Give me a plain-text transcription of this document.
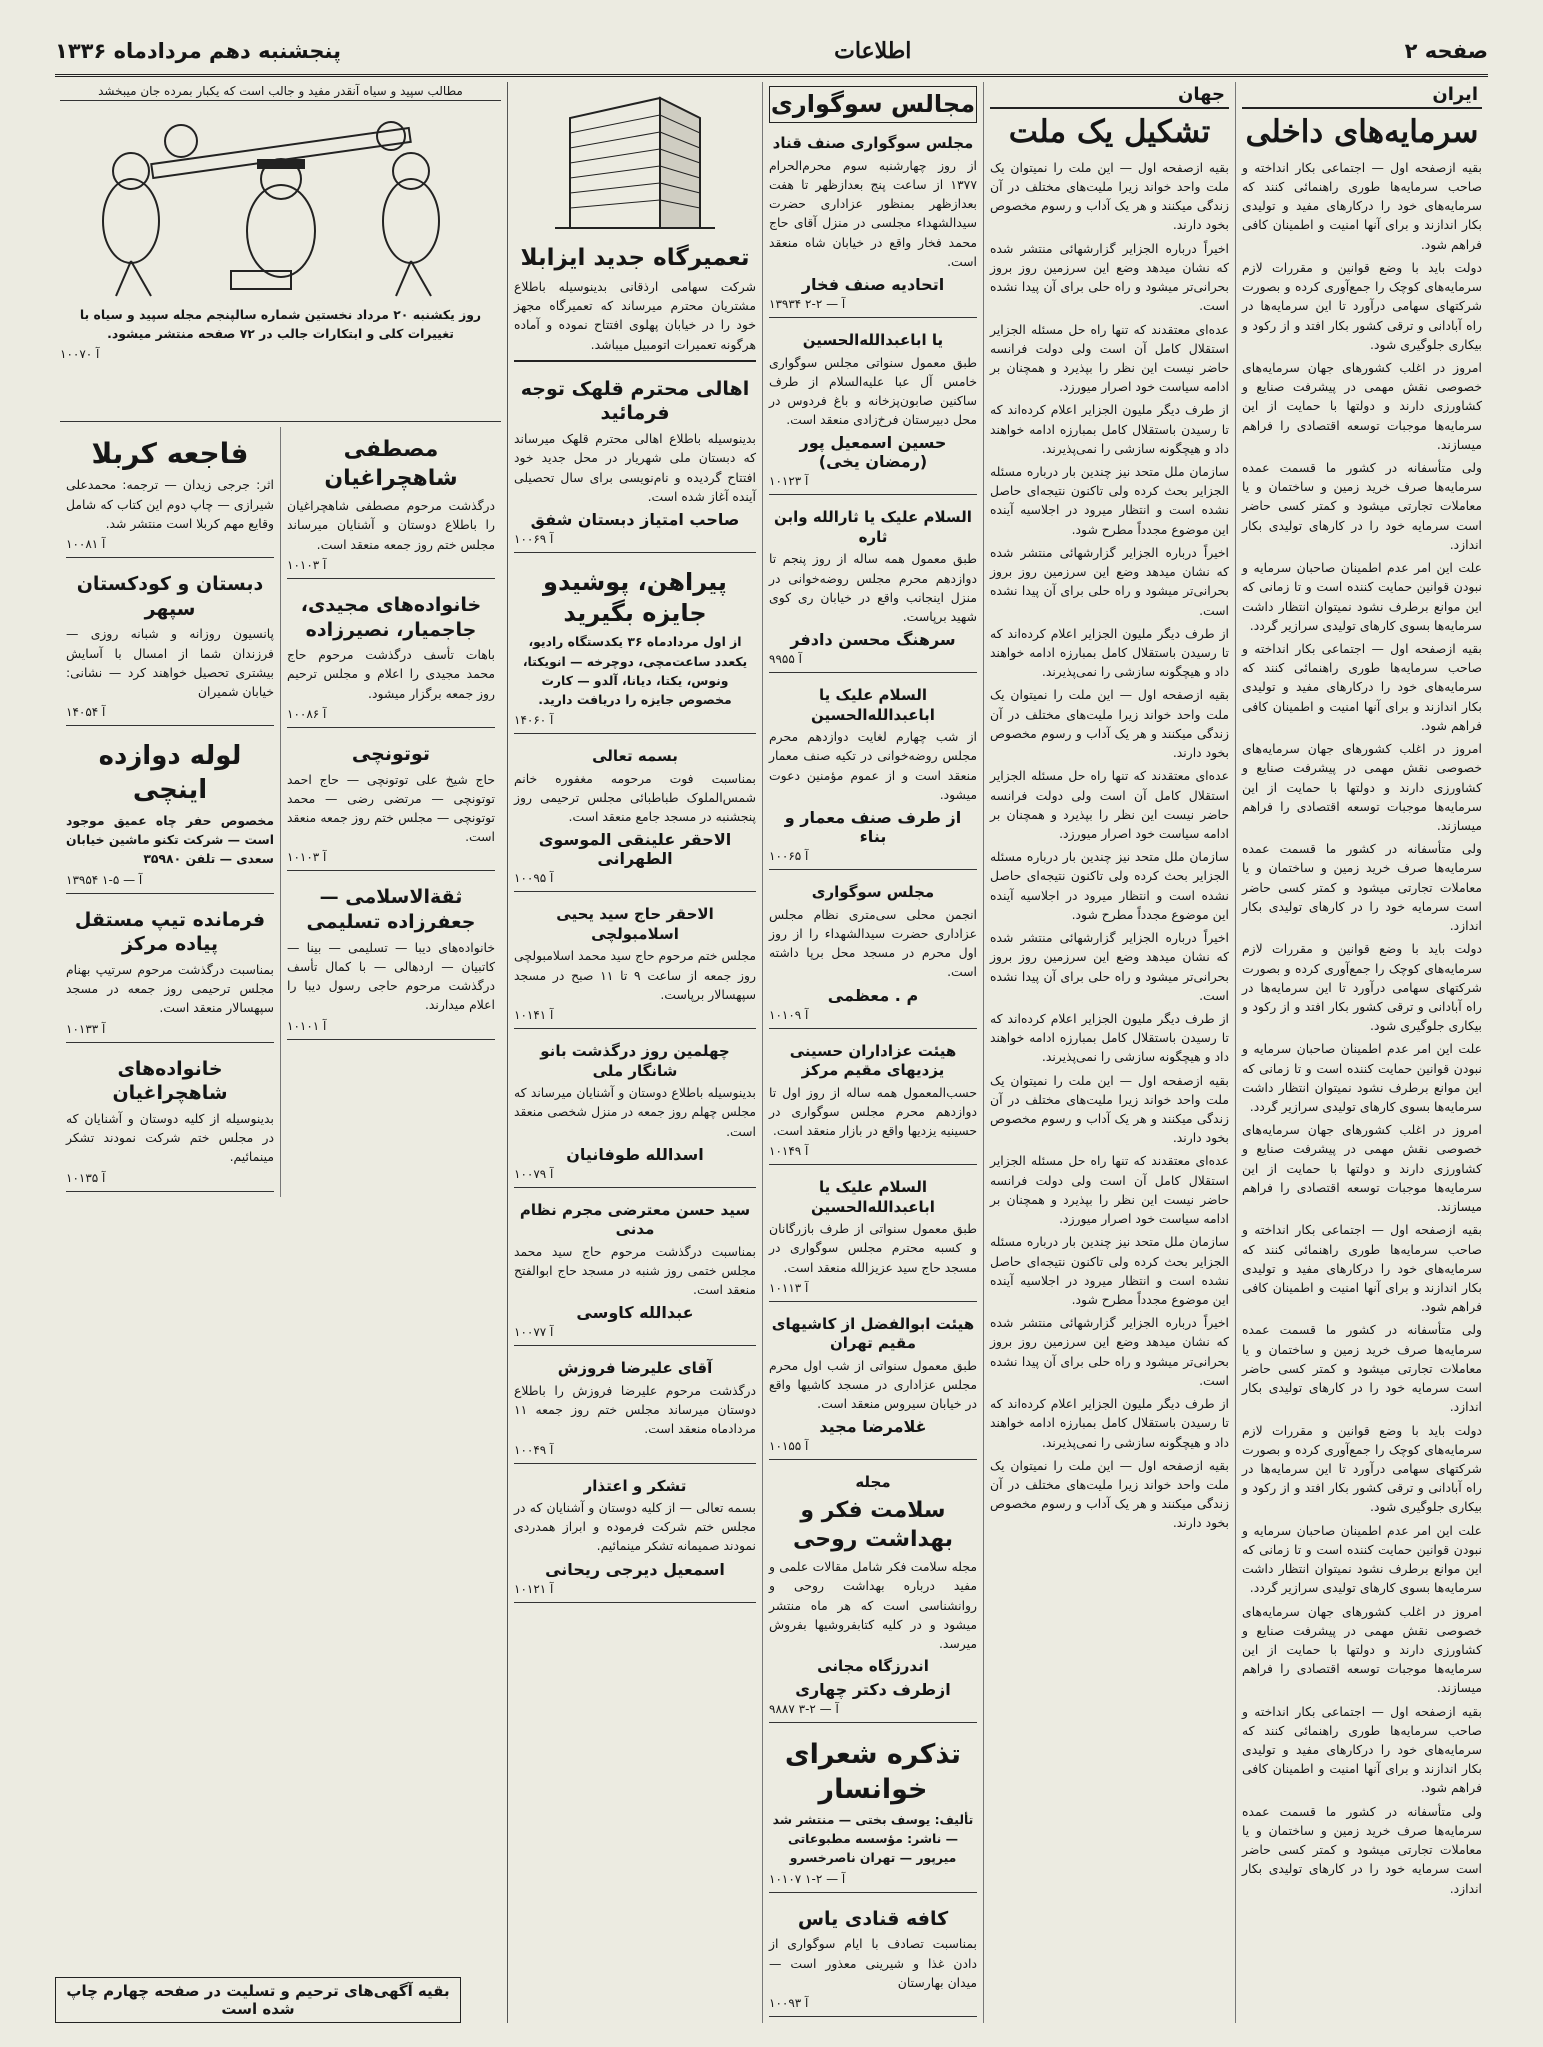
صفحه ۲
اطلاعات
پنجشنبه دهم مردادماه ۱۳۳۶
ایران
سرمایه‌های داخلی

بقیه ازصفحه اول — اجتماعی بکار انداخته و صاحب سرمایه‌ها طوری راهنمائی کنند که سرمایه‌های خود را درکارهای مفید و تولیدی بکار اندازند و برای آنها امنیت و اطمینان کافی فراهم شود.

دولت باید با وضع قوانین و مقررات لازم سرمایه‌های کوچک را جمع‌آوری کرده و بصورت شرکتهای سهامی درآورد تا این سرمایه‌ها در راه آبادانی و ترقی کشور بکار افتد و از رکود و بیکاری جلوگیری شود.

امروز در اغلب کشورهای جهان سرمایه‌های خصوصی نقش مهمی در پیشرفت صنایع و کشاورزی دارند و دولتها با حمایت از این سرمایه‌ها موجبات توسعه اقتصادی را فراهم میسازند.

ولی متأسفانه در کشور ما قسمت عمده سرمایه‌ها صرف خرید زمین و ساختمان و یا معاملات تجارتی میشود و کمتر کسی حاضر است سرمایه خود را در کارهای تولیدی بکار اندازد.

علت این امر عدم اطمینان صاحبان سرمایه و نبودن قوانین حمایت کننده است و تا زمانی که این موانع برطرف نشود نمیتوان انتظار داشت سرمایه‌ها بسوی کارهای تولیدی سرازیر گردد.

بقیه ازصفحه اول — اجتماعی بکار انداخته و صاحب سرمایه‌ها طوری راهنمائی کنند که سرمایه‌های خود را درکارهای مفید و تولیدی بکار اندازند و برای آنها امنیت و اطمینان کافی فراهم شود.

امروز در اغلب کشورهای جهان سرمایه‌های خصوصی نقش مهمی در پیشرفت صنایع و کشاورزی دارند و دولتها با حمایت از این سرمایه‌ها موجبات توسعه اقتصادی را فراهم میسازند.

ولی متأسفانه در کشور ما قسمت عمده سرمایه‌ها صرف خرید زمین و ساختمان و یا معاملات تجارتی میشود و کمتر کسی حاضر است سرمایه خود را در کارهای تولیدی بکار اندازد.

دولت باید با وضع قوانین و مقررات لازم سرمایه‌های کوچک را جمع‌آوری کرده و بصورت شرکتهای سهامی درآورد تا این سرمایه‌ها در راه آبادانی و ترقی کشور بکار افتد و از رکود و بیکاری جلوگیری شود.

علت این امر عدم اطمینان صاحبان سرمایه و نبودن قوانین حمایت کننده است و تا زمانی که این موانع برطرف نشود نمیتوان انتظار داشت سرمایه‌ها بسوی کارهای تولیدی سرازیر گردد.

امروز در اغلب کشورهای جهان سرمایه‌های خصوصی نقش مهمی در پیشرفت صنایع و کشاورزی دارند و دولتها با حمایت از این سرمایه‌ها موجبات توسعه اقتصادی را فراهم میسازند.

بقیه ازصفحه اول — اجتماعی بکار انداخته و صاحب سرمایه‌ها طوری راهنمائی کنند که سرمایه‌های خود را درکارهای مفید و تولیدی بکار اندازند و برای آنها امنیت و اطمینان کافی فراهم شود.

ولی متأسفانه در کشور ما قسمت عمده سرمایه‌ها صرف خرید زمین و ساختمان و یا معاملات تجارتی میشود و کمتر کسی حاضر است سرمایه خود را در کارهای تولیدی بکار اندازد.

دولت باید با وضع قوانین و مقررات لازم سرمایه‌های کوچک را جمع‌آوری کرده و بصورت شرکتهای سهامی درآورد تا این سرمایه‌ها در راه آبادانی و ترقی کشور بکار افتد و از رکود و بیکاری جلوگیری شود.

علت این امر عدم اطمینان صاحبان سرمایه و نبودن قوانین حمایت کننده است و تا زمانی که این موانع برطرف نشود نمیتوان انتظار داشت سرمایه‌ها بسوی کارهای تولیدی سرازیر گردد.

امروز در اغلب کشورهای جهان سرمایه‌های خصوصی نقش مهمی در پیشرفت صنایع و کشاورزی دارند و دولتها با حمایت از این سرمایه‌ها موجبات توسعه اقتصادی را فراهم میسازند.

بقیه ازصفحه اول — اجتماعی بکار انداخته و صاحب سرمایه‌ها طوری راهنمائی کنند که سرمایه‌های خود را درکارهای مفید و تولیدی بکار اندازند و برای آنها امنیت و اطمینان کافی فراهم شود.

ولی متأسفانه در کشور ما قسمت عمده سرمایه‌ها صرف خرید زمین و ساختمان و یا معاملات تجارتی میشود و کمتر کسی حاضر است سرمایه خود را در کارهای تولیدی بکار اندازد.

جهان
تشکیل یک ملت

بقیه ازصفحه اول — این ملت را نمیتوان یک ملت واحد خواند زیرا ملیت‌های مختلف در آن زندگی میکنند و هر یک آداب و رسوم مخصوص بخود دارند.

اخیراً درباره الجزایر گزارشهائی منتشر شده که نشان میدهد وضع این سرزمین روز بروز بحرانی‌تر میشود و راه حلی برای آن پیدا نشده است.

عده‌ای معتقدند که تنها راه حل مسئله الجزایر استقلال کامل آن است ولی دولت فرانسه حاضر نیست این نظر را بپذیرد و همچنان بر ادامه سیاست خود اصرار میورزد.

از طرف دیگر ملیون الجزایر اعلام کرده‌اند که تا رسیدن باستقلال کامل بمبارزه ادامه خواهند داد و هیچگونه سازشی را نمی‌پذیرند.

سازمان ملل متحد نیز چندین بار درباره مسئله الجزایر بحث کرده ولی تاکنون نتیجه‌ای حاصل نشده است و انتظار میرود در اجلاسیه آینده این موضوع مجدداً مطرح شود.

اخیراً درباره الجزایر گزارشهائی منتشر شده که نشان میدهد وضع این سرزمین روز بروز بحرانی‌تر میشود و راه حلی برای آن پیدا نشده است.

از طرف دیگر ملیون الجزایر اعلام کرده‌اند که تا رسیدن باستقلال کامل بمبارزه ادامه خواهند داد و هیچگونه سازشی را نمی‌پذیرند.

بقیه ازصفحه اول — این ملت را نمیتوان یک ملت واحد خواند زیرا ملیت‌های مختلف در آن زندگی میکنند و هر یک آداب و رسوم مخصوص بخود دارند.

عده‌ای معتقدند که تنها راه حل مسئله الجزایر استقلال کامل آن است ولی دولت فرانسه حاضر نیست این نظر را بپذیرد و همچنان بر ادامه سیاست خود اصرار میورزد.

سازمان ملل متحد نیز چندین بار درباره مسئله الجزایر بحث کرده ولی تاکنون نتیجه‌ای حاصل نشده است و انتظار میرود در اجلاسیه آینده این موضوع مجدداً مطرح شود.

اخیراً درباره الجزایر گزارشهائی منتشر شده که نشان میدهد وضع این سرزمین روز بروز بحرانی‌تر میشود و راه حلی برای آن پیدا نشده است.

از طرف دیگر ملیون الجزایر اعلام کرده‌اند که تا رسیدن باستقلال کامل بمبارزه ادامه خواهند داد و هیچگونه سازشی را نمی‌پذیرند.

بقیه ازصفحه اول — این ملت را نمیتوان یک ملت واحد خواند زیرا ملیت‌های مختلف در آن زندگی میکنند و هر یک آداب و رسوم مخصوص بخود دارند.

عده‌ای معتقدند که تنها راه حل مسئله الجزایر استقلال کامل آن است ولی دولت فرانسه حاضر نیست این نظر را بپذیرد و همچنان بر ادامه سیاست خود اصرار میورزد.

سازمان ملل متحد نیز چندین بار درباره مسئله الجزایر بحث کرده ولی تاکنون نتیجه‌ای حاصل نشده است و انتظار میرود در اجلاسیه آینده این موضوع مجدداً مطرح شود.

اخیراً درباره الجزایر گزارشهائی منتشر شده که نشان میدهد وضع این سرزمین روز بروز بحرانی‌تر میشود و راه حلی برای آن پیدا نشده است.

از طرف دیگر ملیون الجزایر اعلام کرده‌اند که تا رسیدن باستقلال کامل بمبارزه ادامه خواهند داد و هیچگونه سازشی را نمی‌پذیرند.

بقیه ازصفحه اول — این ملت را نمیتوان یک ملت واحد خواند زیرا ملیت‌های مختلف در آن زندگی میکنند و هر یک آداب و رسوم مخصوص بخود دارند.

مجالس سوگواری
مجلس سوگواری صنف قناد

از روز چهارشنبه سوم محرم‌الحرام ۱۳۷۷ از ساعت پنج بعدازظهر تا هفت بعدازظهر بمنظور عزاداری حضرت سیدالشهداء مجلسی در منزل آقای حاج محمد فخار واقع در خیابان شاه منعقد است.

اتحادیه صنف فخار
۱۳۹۳۴ آ — ۲-۲
یا اباعبدالله‌الحسین

طبق معمول سنواتی مجلس سوگواری خامس آل عبا علیه‌السلام از طرف ساکنین صابون‌پزخانه و باغ فردوس در محل دبیرستان فرخ‌زادی منعقد است.

حسین اسمعیل پور (رمضان یخی)
۱۰۱۲۳ آ
السلام علیک یا ثارالله وابن ثاره

طبق معمول همه ساله از روز پنجم تا دوازدهم محرم مجلس روضه‌خوانی در منزل اینجانب واقع در خیابان ری کوی شهید برپاست.

سرهنگ محسن دادفر
۹۹۵۵ آ
السلام علیک یا اباعبدالله‌الحسین

از شب چهارم لغایت دوازدهم محرم مجلس روضه‌خوانی در تکیه صنف معمار منعقد است و از عموم مؤمنین دعوت میشود.

از طرف صنف معمار و بناء
۱۰۰۶۵ آ
مجلس سوگواری

انجمن محلی سی‌متری نظام مجلس عزاداری حضرت سیدالشهداء را از روز اول محرم در مسجد محل برپا داشته است.

م . معظمی
۱۰۱۰۹ آ
هیئت عزاداران حسینی یزدیهای مقیم مرکز

حسب‌المعمول همه ساله از روز اول تا دوازدهم محرم مجلس سوگواری در حسینیه یزدیها واقع در بازار منعقد است.

۱۰۱۴۹ آ
السلام علیک یا اباعبدالله‌الحسین

طبق معمول سنواتی از طرف بازرگانان و کسبه محترم مجلس سوگواری در مسجد حاج سید عزیزالله منعقد است.

۱۰۱۱۳ آ
هیئت ابوالفضل از کاشیهای مقیم تهران

طبق معمول سنواتی از شب اول محرم مجلس عزاداری در مسجد کاشیها واقع در خیابان سیروس منعقد است.

غلامرضا مجید
۱۰۱۵۵ آ
مجله
سلامت فکر و بهداشت روحی

مجله سلامت فکر شامل مقالات علمی و مفید درباره بهداشت روحی و روانشناسی است که هر ماه منتشر میشود و در کلیه کتابفروشیها بفروش میرسد.

اندرزگاه مجانی
ازطرف دکتر چهاری
۹۸۸۷ آ — ۲-۳
تذکره شعرای خوانسار

تألیف: یوسف بختی — منتشر شد — ناشر: مؤسسه مطبوعاتی میرپور — تهران ناصرخسرو

۱۰۱۰۷ آ — ۲-۱
کافه قنادی یاس

بمناسبت تصادف با ایام سوگواری از دادن غذا و شیرینی معذور است — میدان بهارستان

۱۰۰۹۳ آ
تعمیرگاه جدید ایزابلا

شرکت سهامی ارذقانی بدینوسیله باطلاع مشتریان محترم میرساند که تعمیرگاه مجهز خود را در خیابان پهلوی افتتاح نموده و آماده هرگونه تعمیرات اتومبیل میباشد.

اهالی محترم قلهک توجه فرمائید

بدینوسیله باطلاع اهالی محترم قلهک میرساند که دبستان ملی شهریار در محل جدید خود افتتاح گردیده و نام‌نویسی برای سال تحصیلی آینده آغاز شده است.

صاحب امتیاز دبستان شفق
۱۰۰۶۹ آ
پیراهن، پوشیدو جایزه بگیرید

از اول مردادماه ۳۶ یکدستگاه رادیو، یکعدد ساعت‌مچی، دوچرخه — انویکتا، ونوس، یکتا، دیانا، آلدو — کارت مخصوص جایزه را دریافت دارید.

۱۴۰۶۰ آ
بسمه تعالی

بمناسبت فوت مرحومه مغفوره خانم شمس‌الملوک طباطبائی مجلس ترحیمی روز پنجشنبه در مسجد جامع منعقد است.

الاحقر علینقی الموسوی الطهرانی
۱۰۰۹۵ آ
الاحقر حاج سید یحیی اسلامبولچی

مجلس ختم مرحوم حاج سید محمد اسلامبولچی روز جمعه از ساعت ۹ تا ۱۱ صبح در مسجد سپهسالار برپاست.

۱۰۱۴۱ آ
چهلمین روز درگذشت بانو شانگار ملی

بدینوسیله باطلاع دوستان و آشنایان میرساند که مجلس چهلم روز جمعه در منزل شخصی منعقد است.

اسدالله طوفانیان
۱۰۰۷۹ آ
سید حسن معترضی مجرم نظام مدنی

بمناسبت درگذشت مرحوم حاج سید محمد مجلس ختمی روز شنبه در مسجد حاج ابوالفتح منعقد است.

عبدالله کاوسی
۱۰۰۷۷ آ
آقای علیرضا فروزش

درگذشت مرحوم علیرضا فروزش را باطلاع دوستان میرساند مجلس ختم روز جمعه ۱۱ مردادماه منعقد است.

۱۰۰۴۹ آ
تشکر و اعتذار

بسمه تعالی — از کلیه دوستان و آشنایان که در مجلس ختم شرکت فرموده و ابراز همدردی نمودند صمیمانه تشکر مینمائیم.

اسمعیل دیرجی ریحانی
۱۰۱۲۱ آ
مطالب سپید و سیاه آنقدر مفید و جالب است که یکبار بمرده جان میبخشد

روز یکشنبه ۲۰ مرداد نخستین شماره سالپنجم مجله سپید و سیاه با تغییرات کلی و ابتکارات جالب در ۷۲ صفحه منتشر میشود.

۱۰۰۷۰ آ
مصطفی شاهچراغیان

درگذشت مرحوم مصطفی شاهچراغیان را باطلاع دوستان و آشنایان میرساند مجلس ختم روز جمعه منعقد است.

۱۰۱۰۳ آ
خانواده‌های مجیدی، جاجمیار، نصیرزاده

باهات تأسف درگذشت مرحوم حاج محمد مجیدی را اعلام و مجلس ترحیم روز جمعه برگزار میشود.

۱۰۰۸۶ آ
توتونچی

حاج شیخ علی توتونچی — حاج احمد توتونچی — مرتضی رضی — محمد توتونچی — مجلس ختم روز جمعه منعقد است.

۱۰۱۰۳ آ
ثقة‌الاسلامی — جعفرزاده تسلیمی

خانواده‌های دیبا — تسلیمی — بینا — کاتبیان — اردهالی — با کمال تأسف درگذشت مرحوم حاجی رسول دیبا را اعلام میدارند.

۱۰۱۰۱ آ
فاجعه کربلا

اثر: جرجی زیدان — ترجمه: محمدعلی شیرازی — چاپ دوم این کتاب که شامل وقایع مهم کربلا است منتشر شد.

۱۰۰۸۱ آ
دبستان و کودکستان سپهر

پانسیون روزانه و شبانه روزی — فرزندان شما از امسال با آسایش بیشتری تحصیل خواهند کرد — نشانی: خیابان شمیران

۱۴۰۵۴ آ
لوله دوازده اینچی

مخصوص حفر چاه عمیق موجود است — شرکت تکنو ماشین خیابان سعدی — تلفن ۳۵۹۸۰

۱۳۹۵۴ آ — ۵-۱
فرمانده تیپ مستقل پیاده مرکز

بمناسبت درگذشت مرحوم سرتیپ بهنام مجلس ترحیمی روز جمعه در مسجد سپهسالار منعقد است.

۱۰۱۳۳ آ
خانواده‌های شاهچراغیان

بدینوسیله از کلیه دوستان و آشنایان که در مجلس ختم شرکت نمودند تشکر مینمائیم.

۱۰۱۳۵ آ
بقیه آگهی‌های ترحیم و تسلیت در صفحه چهارم چاپ شده است
